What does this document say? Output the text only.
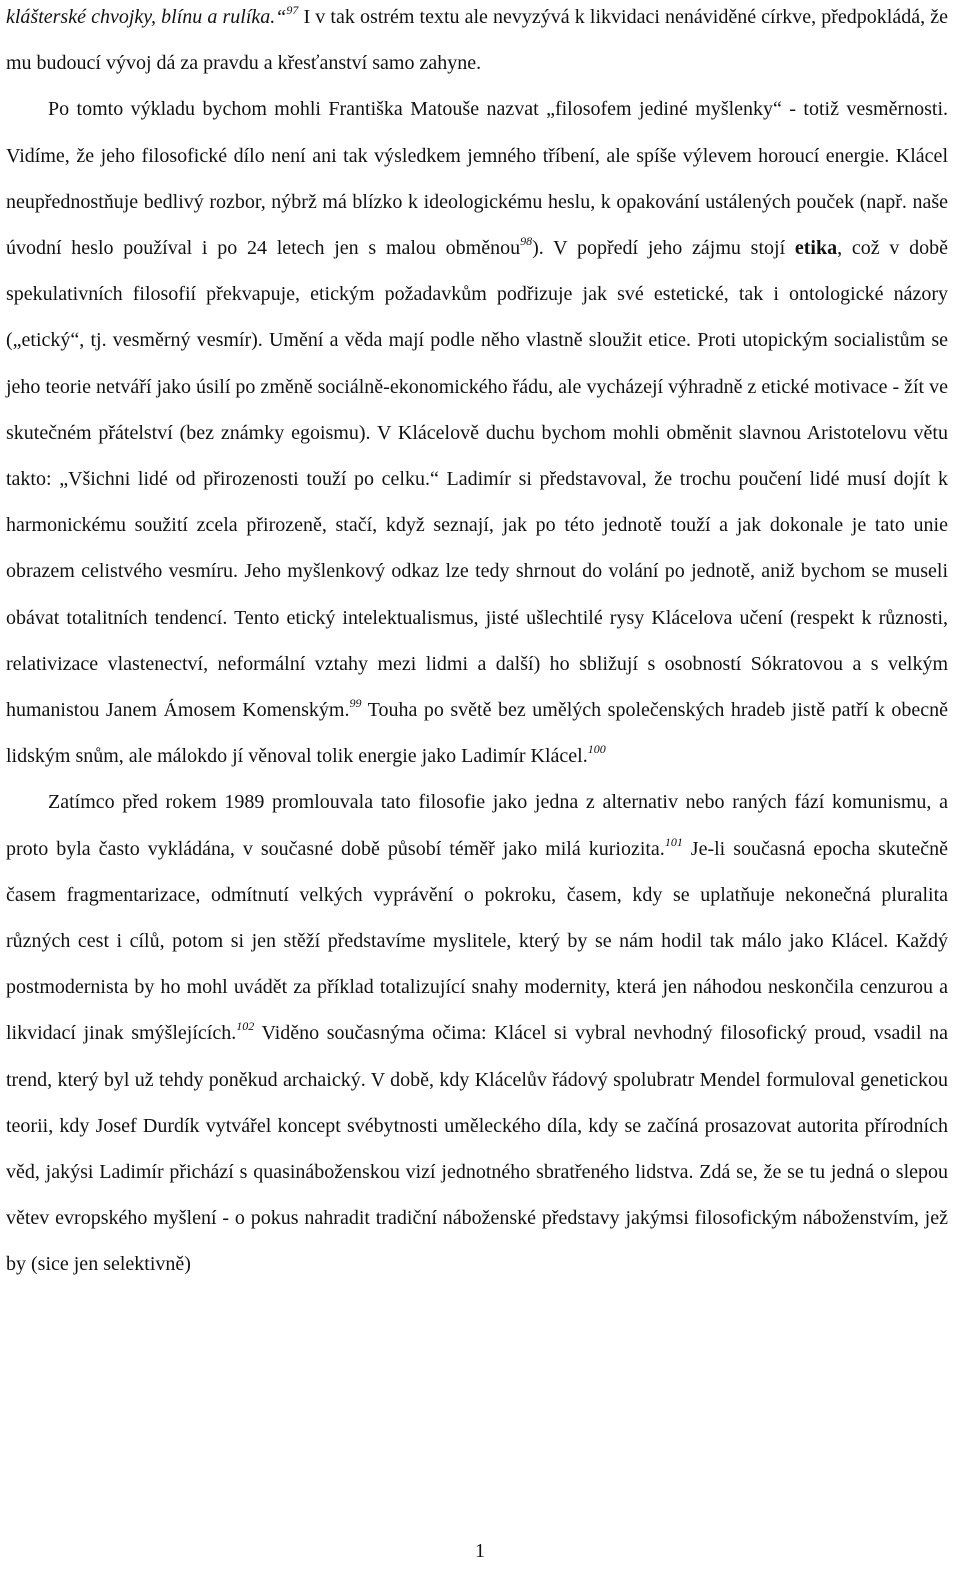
klášterské chvojky, blínu a rulíka.“$^{97}$ I v tak ostrém textu ale nevyzývá k likvidaci nenáviděné církve, předpokládá, že mu budoucí vývoj dá za pravdu a křesťanství samo zahyne.

Po tomto výkladu bychom mohli Františka Matouše nazvat „filosofem jediné myšlenky“ - totiž vesměrnosti. Vidíme, že jeho filosofické dílo není ani tak výsledkem jemného tříbení, ale spíše výlevem horoucí energie. Klácel neupřednostňuje bedlivý rozbor, nýbrž má blízko k ideologickému heslu, k opakování ustálených pouček (např. naše úvodní heslo používal i po 24 letech jen s malou obměnou$^{98}$). V popředí jeho zájmu stojí etika, což v době spekulativních filosofií překvapuje, etickým požadavkům podřizuje jak své estetické, tak i ontologické názory („etický“, tj. vesměrný vesmír). Umění a věda mají podle něho vlastně sloužit etice. Proti utopickým socialistům se jeho teorie netváří jako úsilí po změně sociálně-ekonomického řádu, ale vycházejí výhradně z etické motivace - žít ve skutečném přátelství (bez známky egoismu). V Klácelově duchu bychom mohli obměnit slavnou Aristotelovu větu takto: „Všichni lidé od přirozenosti touží po celku.“ Ladimír si představoval, že trochu poučení lidé musí dojít k harmonickému soužití zcela přirozeně, stačí, když seznají, jak po této jednotě touží a jak dokonale je tato unie obrazem celistvého vesmíru. Jeho myšlenkový odkaz lze tedy shrnout do volání po jednotě, aniž bychom se museli obávat totalitních tendencí. Tento etický intelektualismus, jisté ušlechtilé rysy Klácelova učení (respekt k různosti, relativizace vlastenectví, neformální vztahy mezi lidmi a další) ho sbližují s osobností Sókratovou a s velkým humanistou Janem Ámosem Komenským.$^{99}$ Touha po světě bez umělých společenských hradeb jistě patří k obecně lidským snům, ale málokdo jí věnoval tolik energie jako Ladimír Klácel.$^{100}$

Zatímco před rokem 1989 promlouvala tato filosofie jako jedna z alternativ nebo raných fází komunismu, a proto byla často vykládána, v současné době působí téměř jako milá kuriozita.$^{101}$ Je-li současná epocha skutečně časem fragmentarizace, odmítnutí velkých vyprávění o pokroku, časem, kdy se uplatňuje nekonečná pluralita různých cest i cílů, potom si jen stěží představíme myslitele, který by se nám hodil tak málo jako Klácel. Každý postmodernista by ho mohl uvádět za příklad totalizující snahy modernity, která jen náhodou neskončila cenzurou a likvidací jinak smýšlejících.$^{102}$ Viděno současnýma očima: Klácel si vybral nevhodný filosofický proud, vsadil na trend, který byl už tehdy poněkud archaický. V době, kdy Klácelův řádový spolubratr Mendel formuloval genetickou teorii, kdy Josef Durdík vytvářel koncept svébytnosti uměleckého díla, kdy se začíná prosazovat autorita přírodních věd, jakýsi Ladimír přichází s quasináboženskou vizí jednotného sbratřeného lidstva. Zdá se, že se tu jedná o slepou větev evropského myšlení - o pokus nahradit tradiční náboženské představy jakýmsi filosofickým náboženstvím, jež by (sice jen selektivně)

1
